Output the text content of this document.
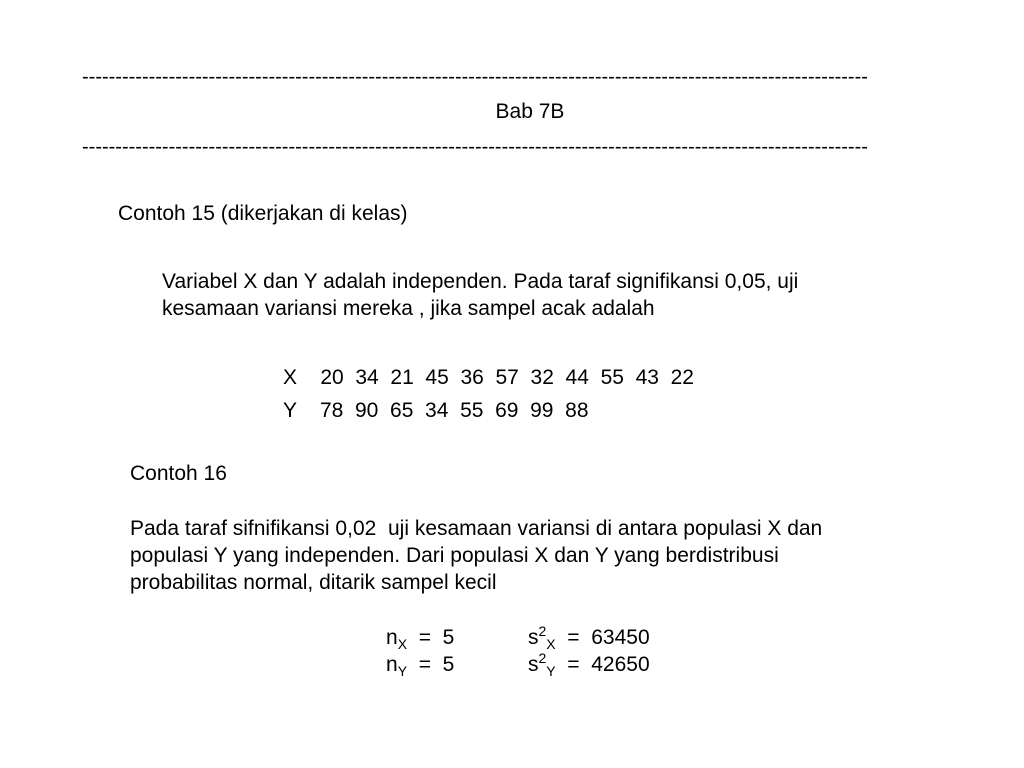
----------------------------------------------------------------------------------------------------------------------
Bab 7B
----------------------------------------------------------------------------------------------------------------------
Contoh 15 (dikerjakan di kelas)
Variabel X dan Y adalah independen. Pada taraf signifikansi 0,05, uji
kesamaan variansi mereka , jika sampel acak adalah
X    20  34  21  45  36  57  32  44  55  43  22
Y    78  90  65  34  55  69  99  88
Contoh 16
Pada taraf sifnifikansi 0,02  uji kesamaan variansi di antara populasi X dan
populasi Y yang independen. Dari populasi X dan Y yang berdistribusi
probabilitas normal, ditarik sampel kecil
$n_X = 5$
$n_Y = 5$
$s^2_X = 63450$
$s^2_Y = 42650$
